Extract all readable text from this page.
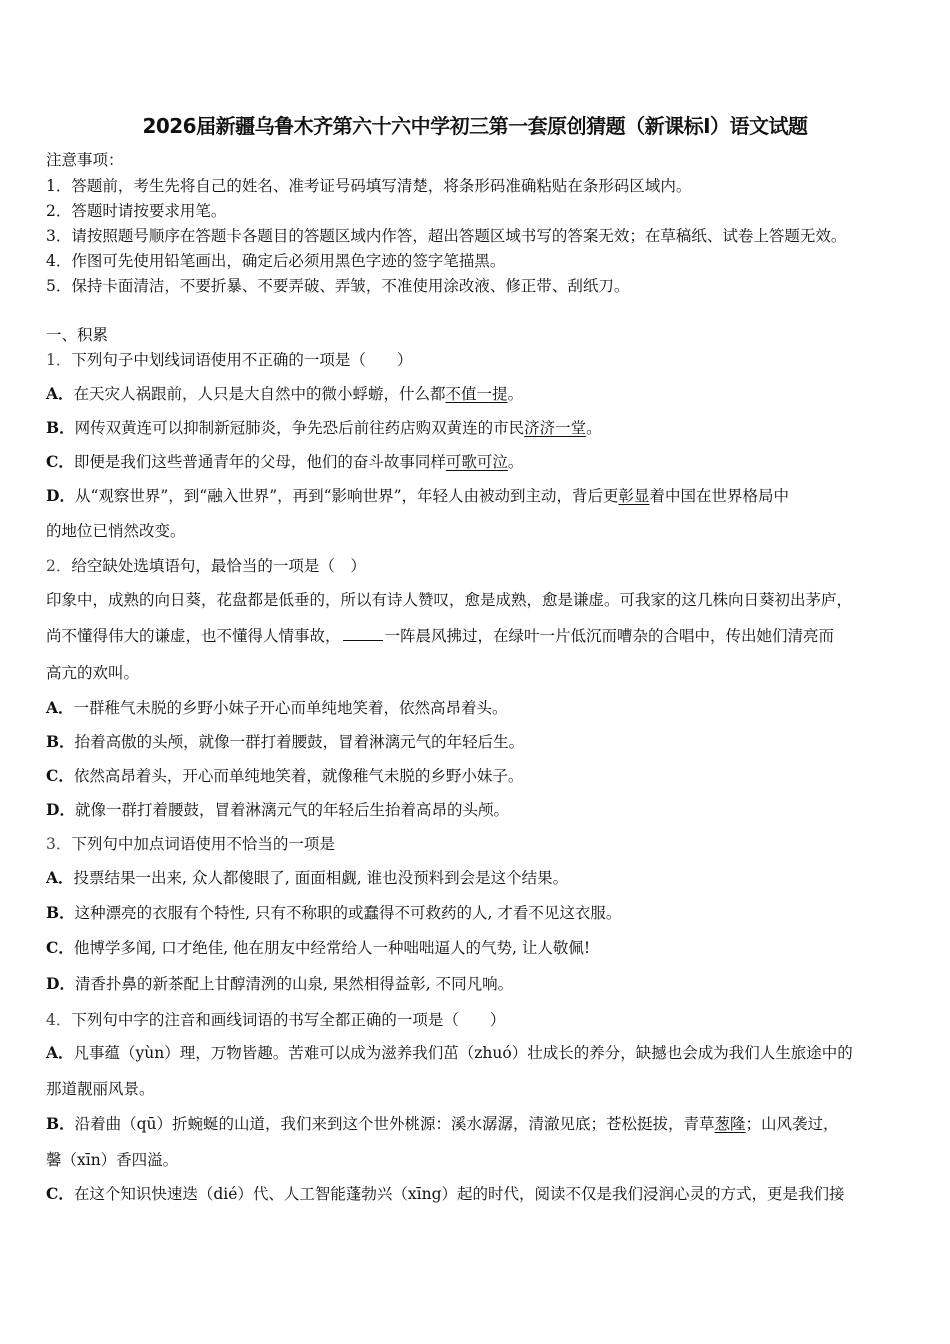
2026届新疆乌鲁木齐第六十六中学初三第一套原创猜题（新课标Ⅰ）语文试题
注意事项：
1．答题前，考生先将自己的姓名、准考证号码填写清楚，将条形码准确粘贴在条形码区域内。
2．答题时请按要求用笔。
3．请按照题号顺序在答题卡各题目的答题区域内作答，超出答题区域书写的答案无效；在草稿纸、试卷上答题无效。
4．作图可先使用铅笔画出，确定后必须用黑色字迹的签字笔描黑。
5．保持卡面清洁，不要折暴、不要弄破、弄皱，不准使用涂改液、修正带、刮纸刀。
一、积累
1．下列句子中划线词语使用不正确的一项是（　　）
A．在天灾人祸跟前，人只是大自然中的微小蜉蝣，什么都不值一提。
B．网传双黄连可以抑制新冠肺炎，争先恐后前往药店购双黄连的市民济济一堂。
C．即便是我们这些普通青年的父母，他们的奋斗故事同样可歌可泣。
D．从“观察世界”，到“融入世界”，再到“影响世界”，年轻人由被动到主动，背后更彰显着中国在世界格局中
的地位已悄然改变。
2．给空缺处选填语句，最恰当的一项是（　）
印象中，成熟的向日葵，花盘都是低垂的，所以有诗人赞叹，愈是成熟，愈是谦虚。可我家的这几株向日葵初出茅庐，
尚不懂得伟大的谦虚，也不懂得人情事故，	一阵晨风拂过，在绿叶一片低沉而嘈杂的合唱中，传出她们清亮而
高亢的欢叫。
A．一群稚气未脱的乡野小妹子开心而单纯地笑着，依然高昂着头。
B．抬着高傲的头颅，就像一群打着腰鼓，冒着淋漓元气的年轻后生。
C．依然高昂着头，开心而单纯地笑着，就像稚气未脱的乡野小妹子。
D．就像一群打着腰鼓，冒着淋漓元气的年轻后生抬着高昂的头颅。
3．下列句中加点词语使用不恰当的一项是
A．投票结果一出来, 众人都傻眼了, 面面相觑, 谁也没预料到会是这个结果。
B．这种漂亮的衣服有个特性, 只有不称职的或蠢得不可救药的人, 才看不见这衣服。
C．他博学多闻, 口才绝佳, 他在朋友中经常给人一种咄咄逼人的气势, 让人敬佩!
D．清香扑鼻的新茶配上甘醇清洌的山泉, 果然相得益彰, 不同凡响。
4．下列句中字的注音和画线词语的书写全都正确的一项是（　　）
A．凡事蕴（yùn）理，万物皆趣。苦难可以成为滋养我们茁（zhuó）壮成长的养分，缺撼也会成为我们人生旅途中的
那道靓丽风景。
B．沿着曲（qū）折蜿蜒的山道，我们来到这个世外桃源：溪水潺潺，清澈见底；苍松挺拔，青草葱隆；山风袭过，
馨（xīn）香四溢。
C．在这个知识快速迭（dié）代、人工智能蓬勃兴（xīng）起的时代，阅读不仅是我们浸润心灵的方式，更是我们接
